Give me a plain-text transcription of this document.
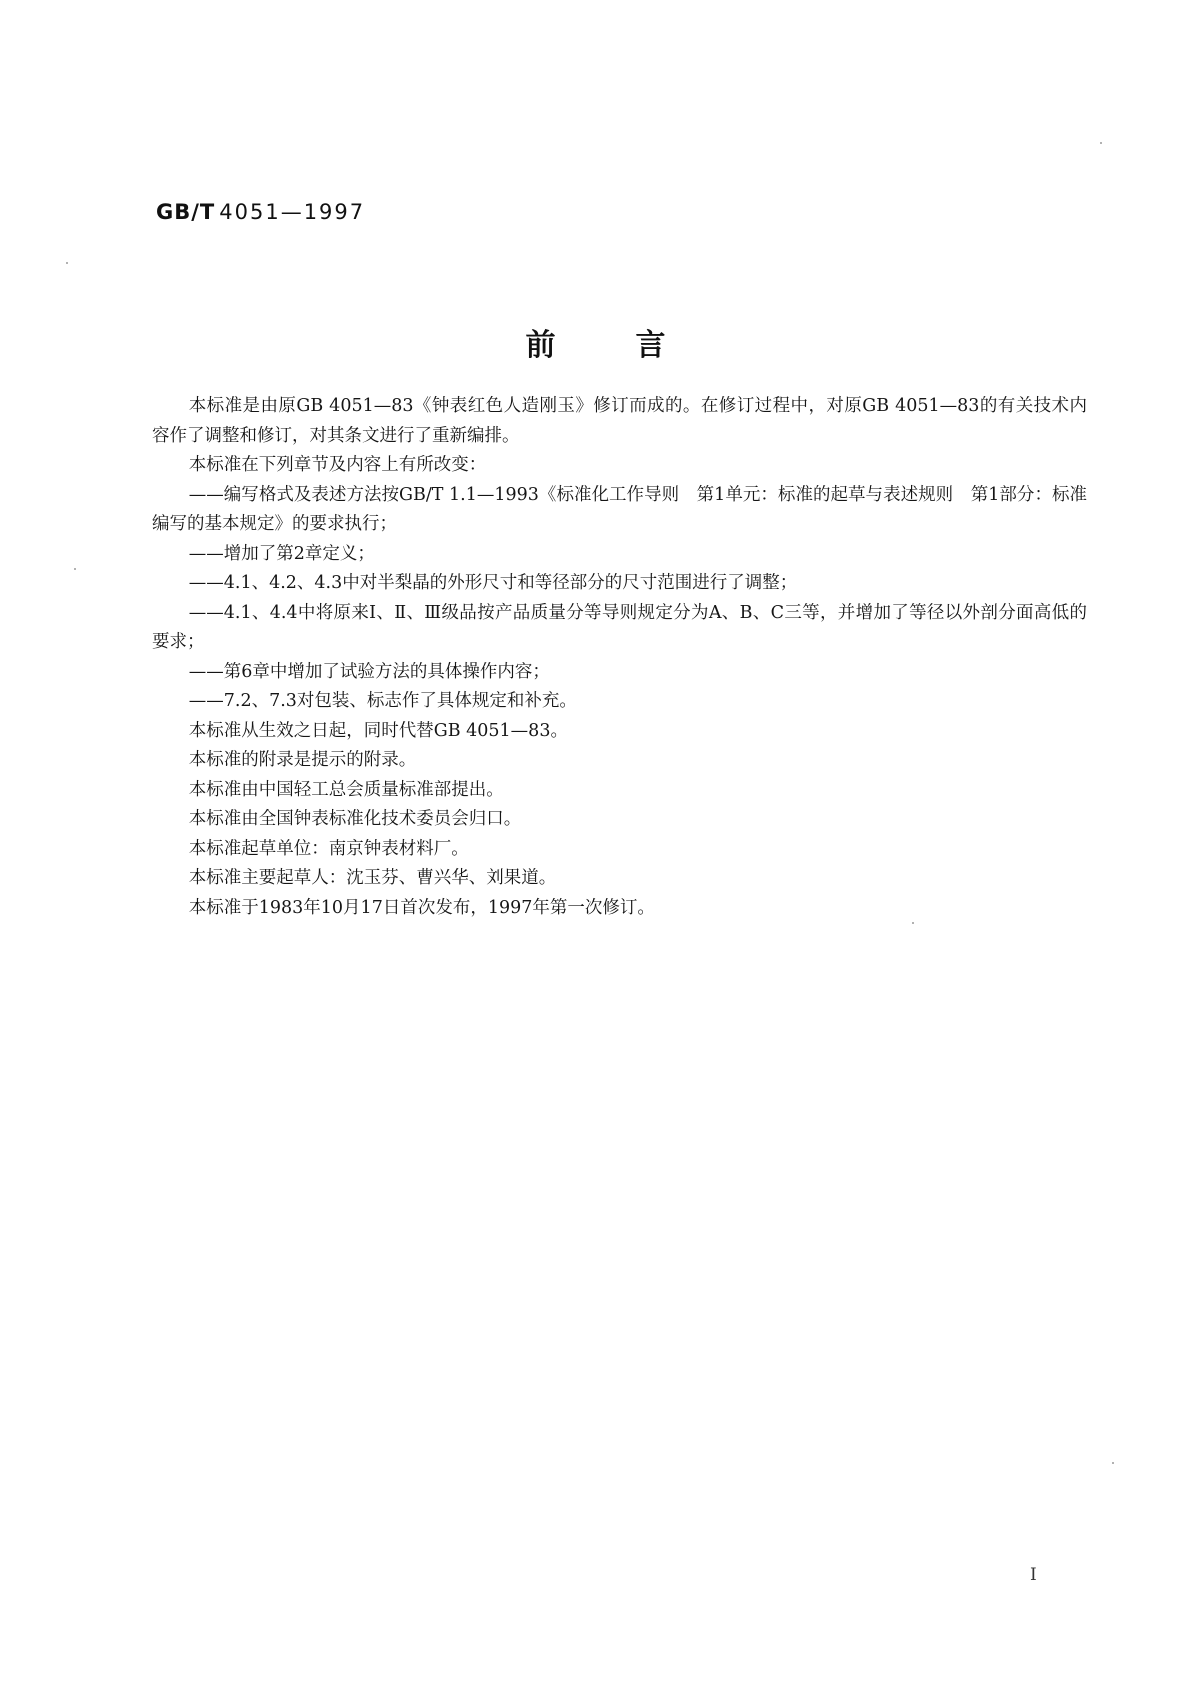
GB/T 4051—1997
前	言

本标准是由原GB 4051—83《钟表红色人造刚玉》修订而成的。在修订过程中，对原GB 4051—83的有关技术内容作了调整和修订，对其条文进行了重新编排。

本标准在下列章节及内容上有所改变：

——编写格式及表述方法按GB/T 1.1—1993《标准化工作导则　第1单元：标准的起草与表述规则　第1部分：标准编写的基本规定》的要求执行；

——增加了第2章定义；

——4.1、4.2、4.3中对半梨晶的外形尺寸和等径部分的尺寸范围进行了调整；

——4.1、4.4中将原来Ⅰ、Ⅱ、Ⅲ级品按产品质量分等导则规定分为A、B、C三等，并增加了等径以外剖分面高低的要求；

——第6章中增加了试验方法的具体操作内容；

——7.2、7.3对包装、标志作了具体规定和补充。

本标准从生效之日起，同时代替GB 4051—83。

本标准的附录是提示的附录。

本标准由中国轻工总会质量标准部提出。

本标准由全国钟表标准化技术委员会归口。

本标准起草单位：南京钟表材料厂。

本标准主要起草人：沈玉芬、曹兴华、刘果道。

本标准于1983年10月17日首次发布，1997年第一次修订。

I
